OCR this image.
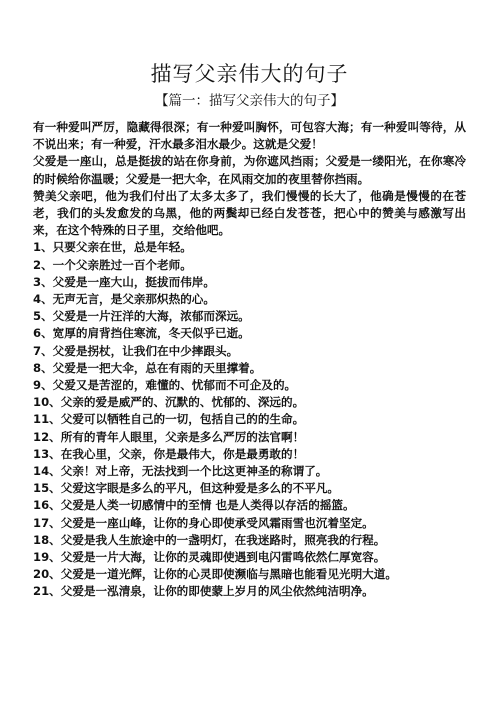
描写父亲伟大的句子
【篇一：描写父亲伟大的句子】

有一种爱叫严厉，隐藏得很深；有一种爱叫胸怀，可包容大海；有一种爱叫等待，从不说出来；有一种爱，汗水最多泪水最少。这就是父爱！

父爱是一座山，总是挺拔的站在你身前，为你遮风挡雨；父爱是一缕阳光，在你寒冷的时候给你温暖；父爱是一把大伞，在风雨交加的夜里替你挡雨。

赞美父亲吧，他为我们付出了太多太多了，我们慢慢的长大了，他确是慢慢的在苍老，我们的头发愈发的乌黑，他的两鬓却已经白发苍苍，把心中的赞美与感激写出来，在这个特殊的日子里，交给他吧。

1、只要父亲在世，总是年轻。
2、一个父亲胜过一百个老师。
3、父爱是一座大山，挺拔而伟岸。
4、无声无言，是父亲那炽热的心。
5、父爱是一片汪洋的大海，浓郁而深远。
6、宽厚的肩背挡住寒流，冬天似乎已逝。
7、父爱是拐杖，让我们在中少摔跟头。
8、父爱是一把大伞，总在有雨的天里撑着。
9、父爱又是苦涩的，难懂的、忧郁而不可企及的。
10、父亲的爱是威严的、沉默的、忧郁的、深远的。
11、父爱可以牺牲自己的一切，包括自己的的生命。
12、所有的青年人眼里，父亲是多么严厉的法官啊！
13、在我心里，父亲，你是最伟大，你是最勇敢的！
14、父亲！对上帝，无法找到一个比这更神圣的称谓了。
15、父爱这字眼是多么的平凡，但这种爱是多么的不平凡。
16、父爱是人类一切感情中的至情 也是人类得以存活的摇篮。
17、父爱是一座山峰，让你的身心即使承受风霜雨雪也沉着坚定。
18、父爱是我人生旅途中的一盏明灯，在我迷路时，照亮我的行程。
19、父爱是一片大海，让你的灵魂即使遇到电闪雷鸣依然仁厚宽容。
20、父爱是一道光辉，让你的心灵即使濒临与黑暗也能看见光明大道。
21、父爱是一泓清泉，让你的即使蒙上岁月的风尘依然纯洁明净。
